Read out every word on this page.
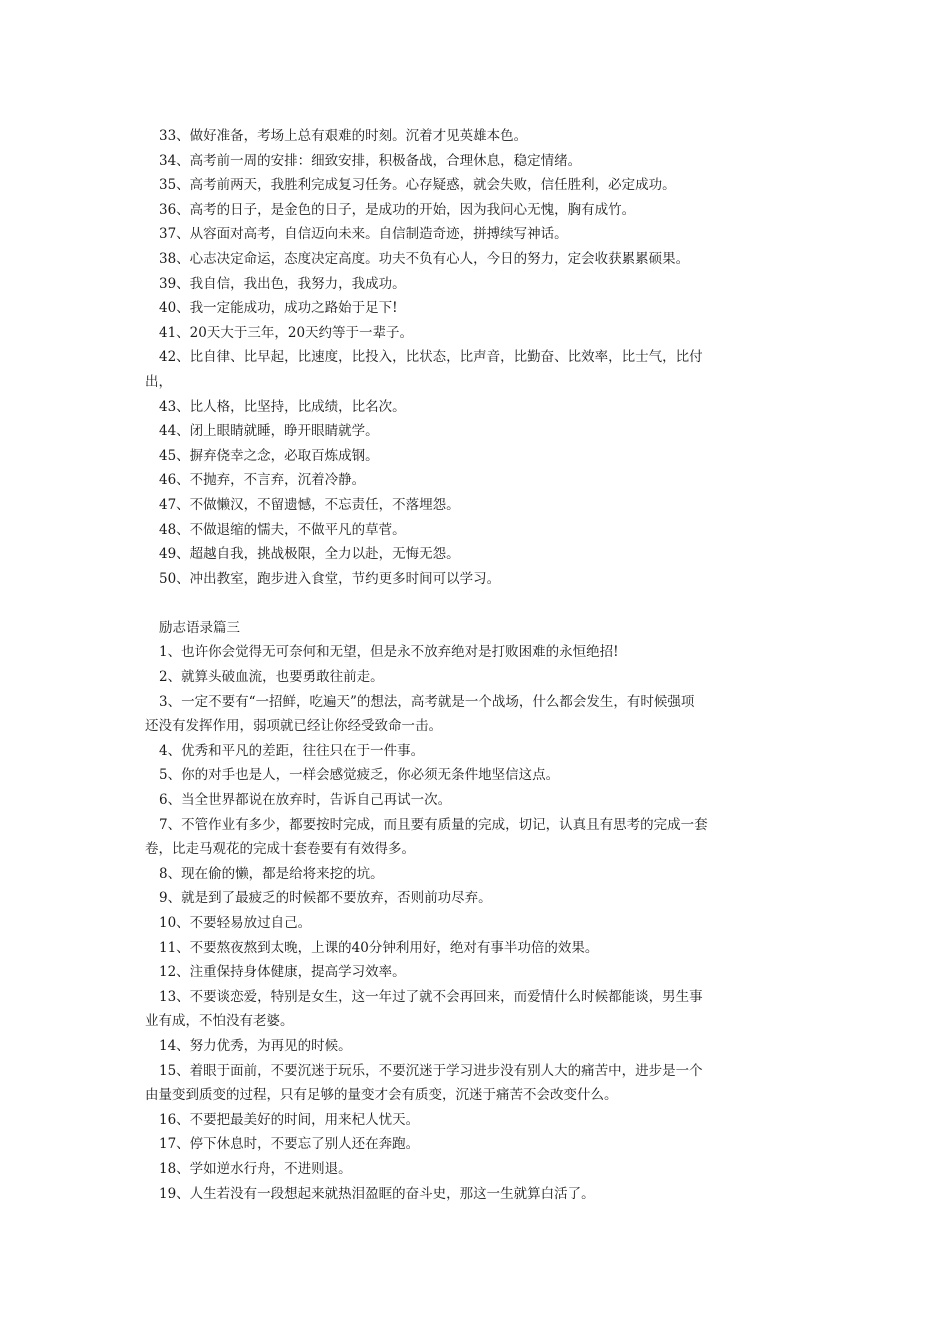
33、做好准备，考场上总有艰难的时刻。沉着才见英雄本色。
34、高考前一周的安排：细致安排，积极备战，合理休息，稳定情绪。
35、高考前两天，我胜利完成复习任务。心存疑惑，就会失败，信任胜利，必定成功。
36、高考的日子，是金色的日子，是成功的开始，因为我问心无愧，胸有成竹。
37、从容面对高考，自信迈向未来。自信制造奇迹，拼搏续写神话。
38、心志决定命运，态度决定高度。功夫不负有心人，今日的努力，定会收获累累硕果。
39、我自信，我出色，我努力，我成功。
40、我一定能成功，成功之路始于足下!
41、20天大于三年，20天约等于一辈子。
42、比自律、比早起，比速度，比投入，比状态，比声音，比勤奋、比效率，比士气，比付
出，
43、比人格，比坚持，比成绩，比名次。
44、闭上眼睛就睡，睁开眼睛就学。
45、摒弃侥幸之念，必取百炼成钢。
46、不抛弃，不言弃，沉着冷静。
47、不做懒汉，不留遗憾，不忘责任，不落埋怨。
48、不做退缩的懦夫，不做平凡的草菅。
49、超越自我，挑战极限，全力以赴，无悔无怨。
50、冲出教室，跑步进入食堂，节约更多时间可以学习。
励志语录篇三
1、也许你会觉得无可奈何和无望，但是永不放弃绝对是打败困难的永恒绝招!
2、就算头破血流，也要勇敢往前走。
3、一定不要有“一招鲜，吃遍天”的想法，高考就是一个战场，什么都会发生，有时候强项
还没有发挥作用，弱项就已经让你经受致命一击。
4、优秀和平凡的差距，往往只在于一件事。
5、你的对手也是人，一样会感觉疲乏，你必须无条件地坚信这点。
6、当全世界都说在放弃时，告诉自己再试一次。
7、不管作业有多少，都要按时完成，而且要有质量的完成，切记，认真且有思考的完成一套
卷，比走马观花的完成十套卷要有有效得多。
8、现在偷的懒，都是给将来挖的坑。
9、就是到了最疲乏的时候都不要放弃，否则前功尽弃。
10、不要轻易放过自己。
11、不要熬夜熬到太晚，上课的40分钟利用好，绝对有事半功倍的效果。
12、注重保持身体健康，提高学习效率。
13、不要谈恋爱，特别是女生，这一年过了就不会再回来，而爱情什么时候都能谈，男生事
业有成，不怕没有老婆。
14、努力优秀，为再见的时候。
15、着眼于面前，不要沉迷于玩乐，不要沉迷于学习进步没有别人大的痛苦中，进步是一个
由量变到质变的过程，只有足够的量变才会有质变，沉迷于痛苦不会改变什么。
16、不要把最美好的时间，用来杞人忧天。
17、停下休息时，不要忘了别人还在奔跑。
18、学如逆水行舟，不进则退。
19、人生若没有一段想起来就热泪盈眶的奋斗史，那这一生就算白活了。
